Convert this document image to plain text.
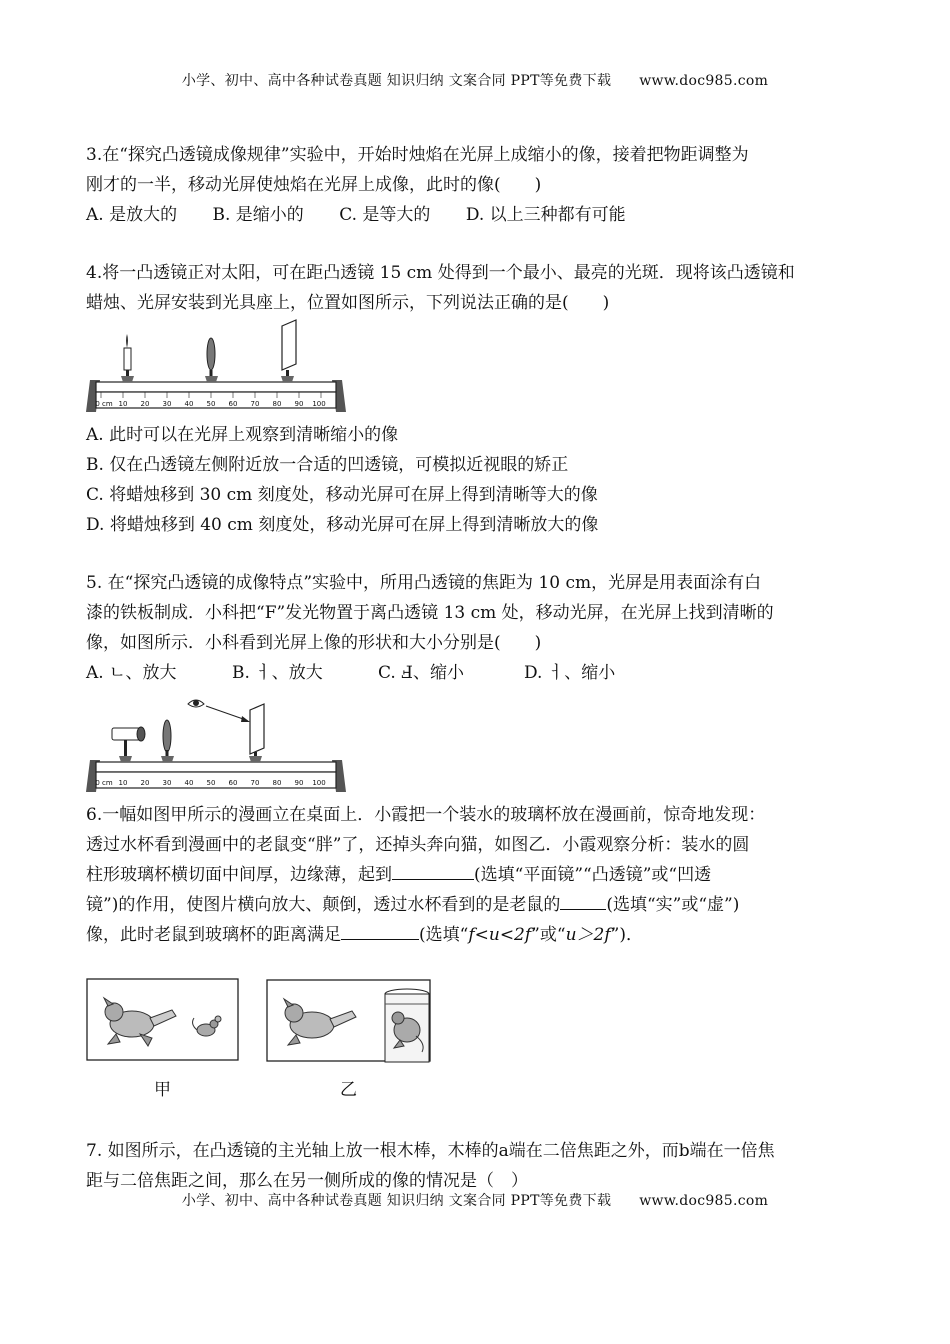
小学、初中、高中各种试卷真题 知识归纳 文案合同 PPT等免费下载 www.doc985.com

3.在“探究凸透镜成像规律”实验中，开始时烛焰在光屏上成缩小的像，接着把物距调整为

刚才的一半，移动光屏使烛焰在光屏上成像，此时的像(　　)

A. 是放大的 B. 是缩小的 C. 是等大的 D. 以上三种都有可能

4.将一凸透镜正对太阳，可在距凸透镜 15 cm 处得到一个最小、最亮的光斑．现将该凸透镜和

蜡烛、光屏安装到光具座上，位置如图所示，下列说法正确的是(　　)

0 cm 10 20 30 40 50 60 70 80 90 100

A. 此时可以在光屏上观察到清晰缩小的像

B. 仅在凸透镜左侧附近放一合适的凹透镜，可模拟近视眼的矫正

C. 将蜡烛移到 30 cm 刻度处，移动光屏可在屏上得到清晰等大的像

D. 将蜡烛移到 40 cm 刻度处，移动光屏可在屏上得到清晰放大的像

5. 在“探究凸透镜的成像特点”实验中，所用凸透镜的焦距为 10 cm，光屏是用表面涂有白

漆的铁板制成．小科把“F”发光物置于离凸透镜 13 cm 处，移动光屏，在光屏上找到清晰的

像，如图所示．小科看到光屏上像的形状和大小分别是(　　)

A. ㄴ、放大	B. ㅓ、放大	C. Ⅎ、缩小	D. ㅓ、缩小

0 cm 10 20 30 40 50 60 70 80 90 100

6.一幅如图甲所示的漫画立在桌面上．小霞把一个装水的玻璃杯放在漫画前，惊奇地发现：

透过水杯看到漫画中的老鼠变“胖”了，还掉头奔向猫，如图乙．小霞观察分析：装水的圆

柱形玻璃杯横切面中间厚，边缘薄，起到	(选填“平面镜”“凸透镜”或“凹透

镜”)的作用，使图片横向放大、颠倒，透过水杯看到的是老鼠的	(选填“实”或“虚”)

像，此时老鼠到玻璃杯的距离满足	(选填“f<u<2f”或“u＞2f”)．

甲	乙

7. 如图所示，在凸透镜的主光轴上放一根木棒，木棒的a端在二倍焦距之外，而b端在一倍焦

距与二倍焦距之间，那么在另一侧所成的像的情况是（　）

小学、初中、高中各种试卷真题 知识归纳 文案合同 PPT等免费下载 www.doc985.com
